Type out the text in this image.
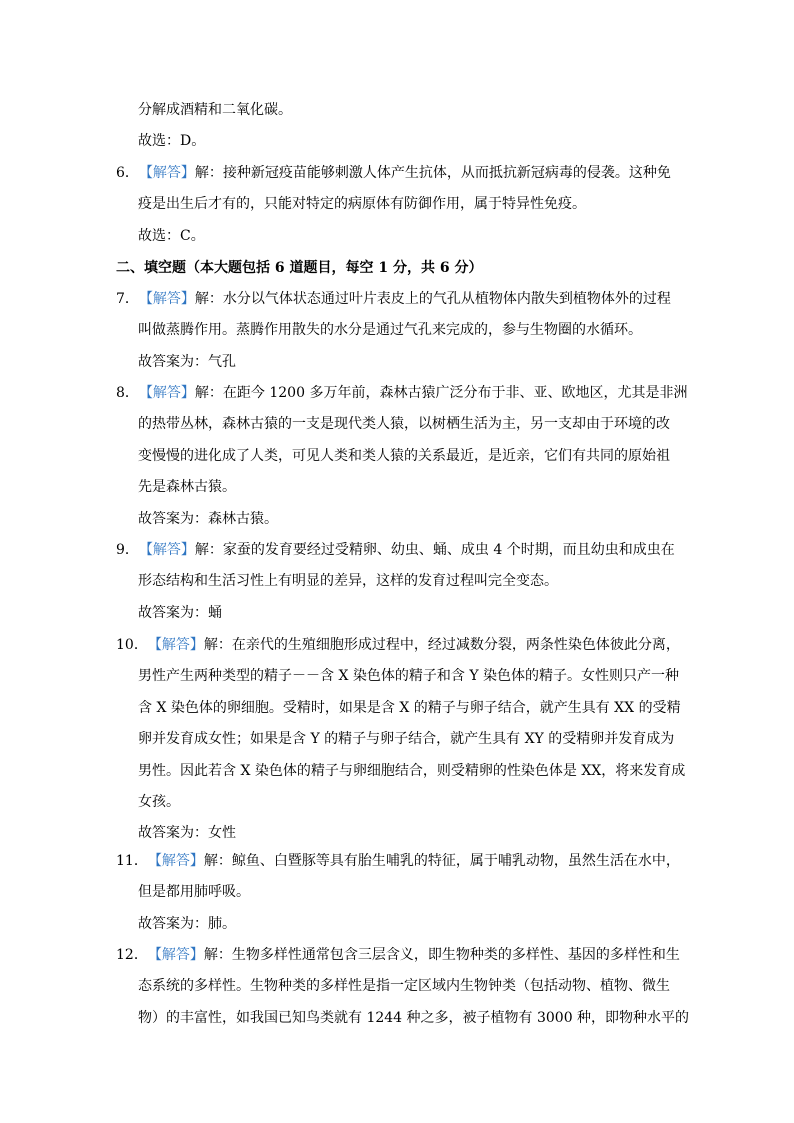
分解成酒精和二氧化碳。
故选：D。
6．【解答】解：接种新冠疫苗能够刺激人体产生抗体，从而抵抗新冠病毒的侵袭。这种免
疫是出生后才有的，只能对特定的病原体有防御作用，属于特异性免疫。
故选：C。
二、填空题（本大题包括 6 道题目，每空 1 分，共 6 分）
7．【解答】解：水分以气体状态通过叶片表皮上的气孔从植物体内散失到植物体外的过程
叫做蒸腾作用。蒸腾作用散失的水分是通过气孔来完成的，参与生物圈的水循环。
故答案为：气孔
8．【解答】解：在距今 1200 多万年前，森林古猿广泛分布于非、亚、欧地区，尤其是非洲
的热带丛林，森林古猿的一支是现代类人猿，以树栖生活为主，另一支却由于环境的改
变慢慢的进化成了人类，可见人类和类人猿的关系最近，是近亲，它们有共同的原始祖
先是森林古猿。
故答案为：森林古猿。
9．【解答】解：家蚕的发育要经过受精卵、幼虫、蛹、成虫 4 个时期，而且幼虫和成虫在
形态结构和生活习性上有明显的差异，这样的发育过程叫完全变态。
故答案为：蛹
10．【解答】解：在亲代的生殖细胞形成过程中，经过减数分裂，两条性染色体彼此分离，
男性产生两种类型的精子－－含 X 染色体的精子和含 Y 染色体的精子。女性则只产一种
含 X 染色体的卵细胞。受精时，如果是含 X 的精子与卵子结合，就产生具有 XX 的受精
卵并发育成女性；如果是含 Y 的精子与卵子结合，就产生具有 XY 的受精卵并发育成为
男性。因此若含 X 染色体的精子与卵细胞结合，则受精卵的性染色体是 XX，将来发育成
女孩。
故答案为：女性
11．【解答】解：鲸鱼、白暨豚等具有胎生哺乳的特征，属于哺乳动物，虽然生活在水中，
但是都用肺呼吸。
故答案为：肺。
12．【解答】解：生物多样性通常包含三层含义，即生物种类的多样性、基因的多样性和生
态系统的多样性。生物种类的多样性是指一定区域内生物钟类（包括动物、植物、微生
物）的丰富性，如我国已知鸟类就有 1244 种之多，被子植物有 3000 种，即物种水平的
